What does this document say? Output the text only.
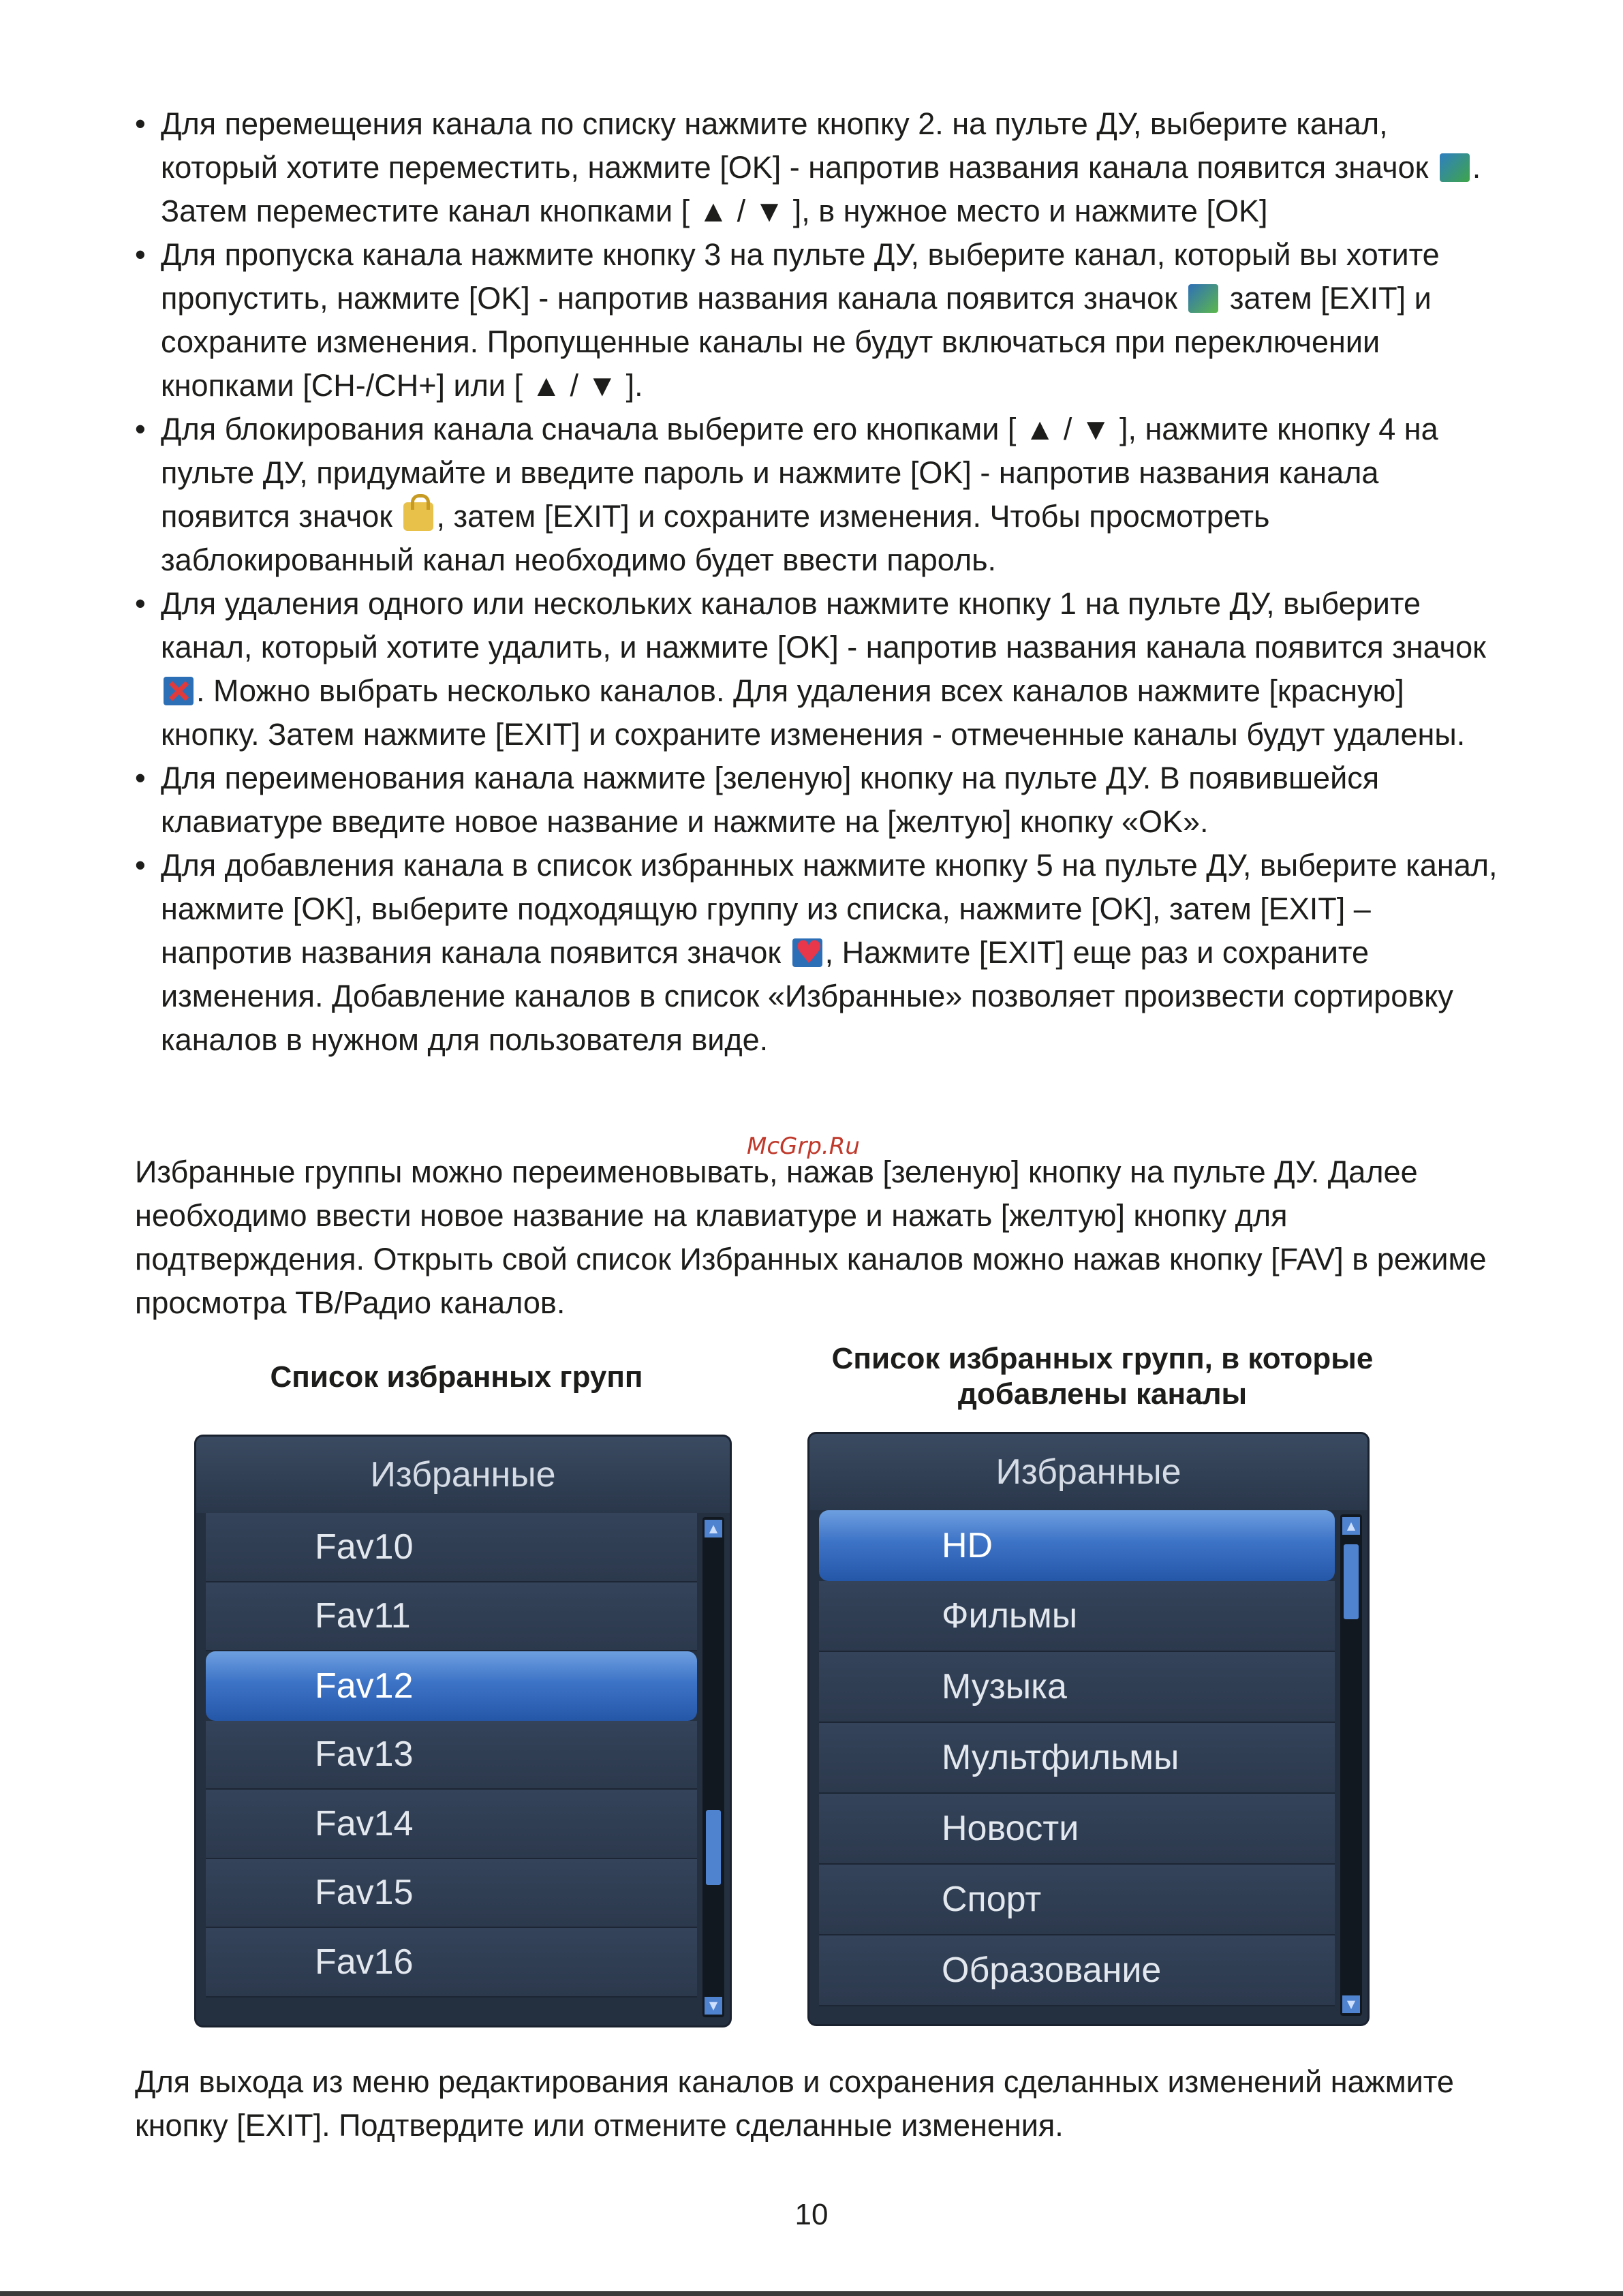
• Для перемещения канала по списку нажмите кнопку 2. на пульте ДУ, выберите канал, который хотите переместить, нажмите [OK] - напротив названия канала появится значок . Затем переместите канал кнопками [ ▲ / ▼ ], в нужное место и нажмите [OK]
• Для пропуска канала нажмите кнопку 3 на пульте ДУ, выберите канал, который вы хотите пропустить, нажмите [OK] - напротив названия канала появится значок  затем [EXIT] и сохраните изменения. Пропущенные каналы не будут включаться при переключении кнопками [CH-/CH+] или [ ▲ / ▼ ].
• Для блокирования канала сначала выберите его кнопками [ ▲ / ▼ ], нажмите кнопку 4 на пульте ДУ, придумайте и введите пароль и нажмите [OK] - напротив названия канала появится значок , затем [EXIT] и сохраните изменения. Чтобы просмотреть заблокированный канал необходимо будет ввести пароль.
• Для удаления одного или нескольких каналов нажмите кнопку 1 на пульте ДУ, выберите канал, который хотите удалить, и нажмите [OK] - напротив названия канала появится значок. Можно выбрать несколько каналов. Для удаления всех каналов нажмите [красную] кнопку. Затем нажмите [EXIT] и сохраните изменения - отмеченные каналы будут удалены.
• Для переименования канала нажмите [зеленую] кнопку на пульте ДУ. В появившейся клавиатуре введите новое название и нажмите на [желтую] кнопку «OK».
• Для добавления канала в список избранных нажмите кнопку 5 на пульте ДУ, выберите канал, нажмите [OK], выберите подходящую группу из списка, нажмите [OK], затем [EXIT] – напротив названия канала появится значок ♥, Нажмите [EXIT] еще раз и сохраните изменения. Добавление каналов в список «Избранные» позволяет произвести сортировку каналов в нужном для пользователя виде.
McGrp.Ru

Избранные группы можно переименовывать, нажав [зеленую] кнопку на пульте ДУ. Далее необходимо ввести новое название на клавиатуре и нажать [желтую] кнопку для подтверждения. Открыть свой список Избранных каналов можно нажав кнопку [FAV] в режиме просмотра ТВ/Радио каналов.

Список избранных групп
Список избранных групп, в которые добавлены каналы
Избранные
Fav10
Fav11
Fav12
Fav13
Fav14
Fav15
Fav16
▲
▼
Избранные
HD
Фильмы
Музыка
Мультфильмы
Новости
Спорт
Образование
▲
▼

Для выхода из меню редактирования каналов и сохранения сделанных изменений нажмите кнопку [EXIT]. Подтвердите или отмените сделанные изменения.

10
